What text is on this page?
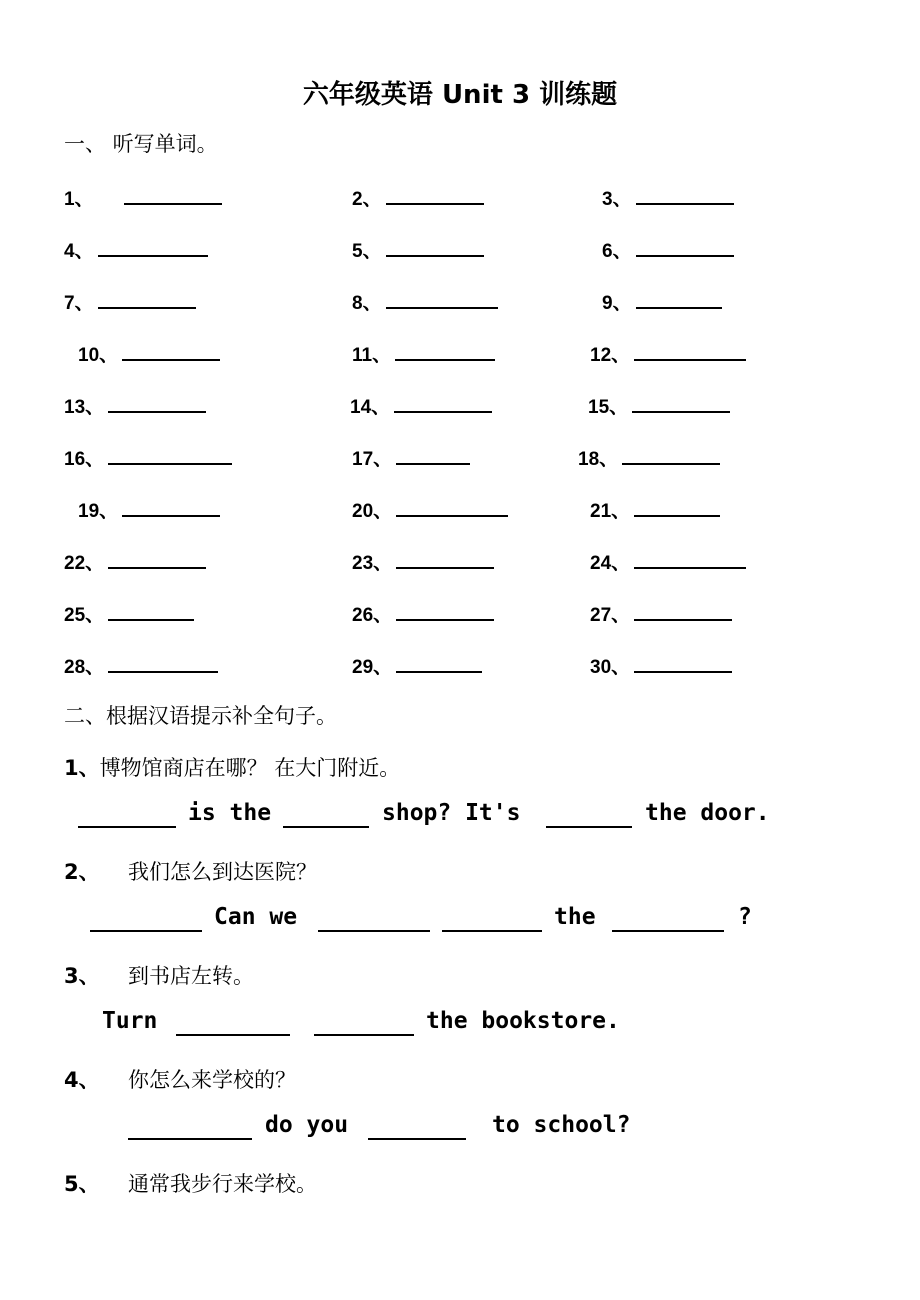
六年级英语 Unit 3 训练题
一、 听写单词。
1、	2、	3、
4、	5、	6、
7、	8、	9、
10、	11、	12、
13、	14、	15、
16、	17、	18、
19、	20、	21、
22、	23、	24、
25、	26、	27、
28、	29、	30、
二、根据汉语提示补全句子。
1、博物馆商店在哪？ 在大门附近。
is the	shop? It's	the door.
2、 我们怎么到达医院？
Can we	the	?
3、 到书店左转。
Turn	the bookstore.
4、 你怎么来学校的？
do you	to school?
5、 通常我步行来学校。
